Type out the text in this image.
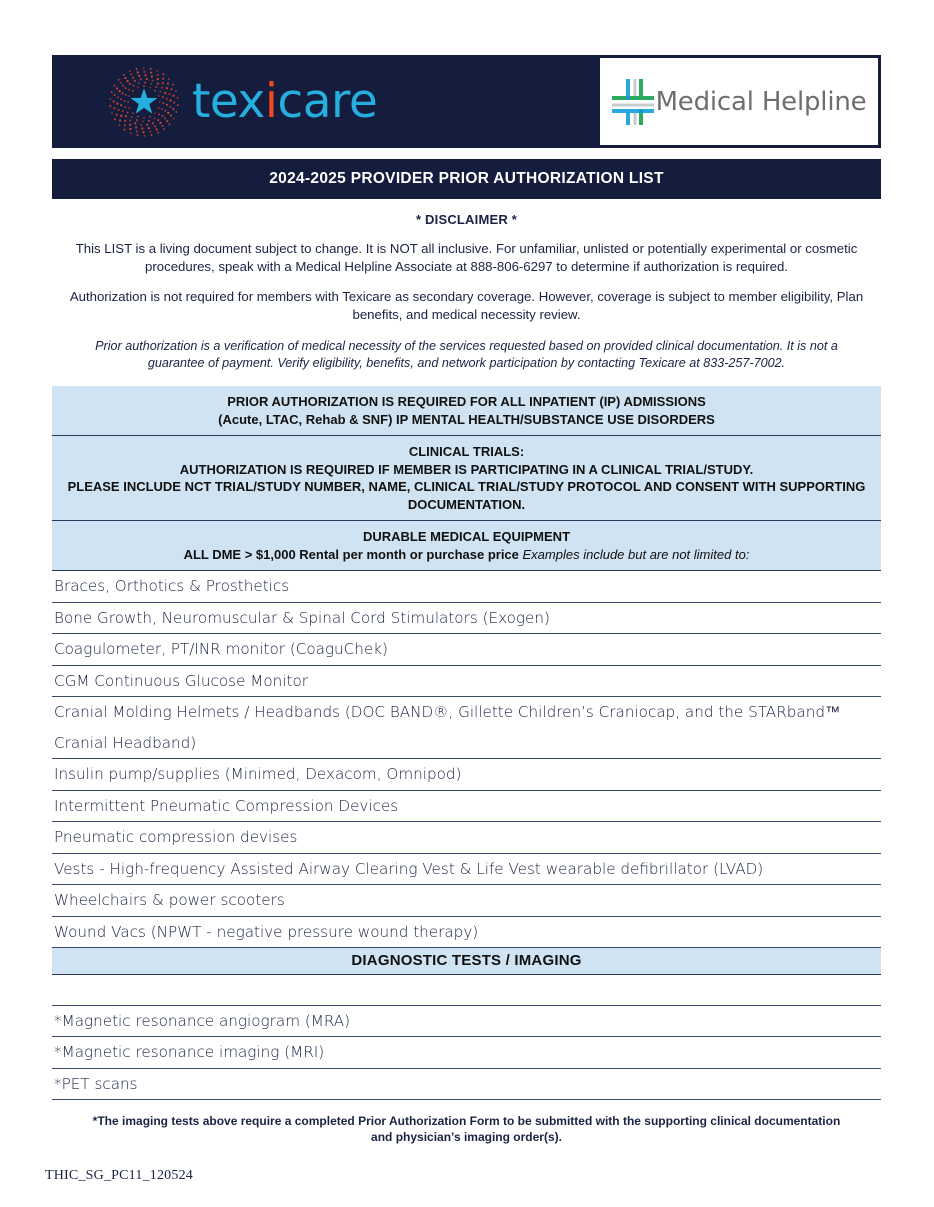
texicare	Medical Helpline
2024-2025 PROVIDER PRIOR AUTHORIZATION LIST
* DISCLAIMER *
This LIST is a living document subject to change. It is NOT all inclusive. For unfamiliar, unlisted or potentially experimental or cosmetic procedures, speak with a Medical Helpline Associate at 888-806-6297 to determine if authorization is required.
Authorization is not required for members with Texicare as secondary coverage. However, coverage is subject to member eligibility, Plan benefits, and medical necessity review.
Prior authorization is a verification of medical necessity of the services requested based on provided clinical documentation. It is not a guarantee of payment. Verify eligibility, benefits, and network participation by contacting Texicare at 833-257-7002.
PRIOR AUTHORIZATION IS REQUIRED FOR ALL INPATIENT (IP) ADMISSIONS
(Acute, LTAC, Rehab & SNF) IP MENTAL HEALTH/SUBSTANCE USE DISORDERS
CLINICAL TRIALS:
AUTHORIZATION IS REQUIRED IF MEMBER IS PARTICIPATING IN A CLINICAL TRIAL/STUDY.
PLEASE INCLUDE NCT TRIAL/STUDY NUMBER, NAME, CLINICAL TRIAL/STUDY PROTOCOL AND CONSENT WITH SUPPORTING DOCUMENTATION.
DURABLE MEDICAL EQUIPMENT
ALL DME > $1,000 Rental per month or purchase price Examples include but are not limited to:
Braces, Orthotics & Prosthetics
Bone Growth, Neuromuscular & Spinal Cord Stimulators (Exogen)
Coagulometer, PT/INR monitor (CoaguChek)
CGM Continuous Glucose Monitor
Cranial Molding Helmets / Headbands (DOC BAND®, Gillette Children’s Craniocap, and the STARband™ Cranial Headband)
Insulin pump/supplies (Minimed, Dexacom, Omnipod)
Intermittent Pneumatic Compression Devices
Pneumatic compression devises
Vests - High-frequency Assisted Airway Clearing Vest & Life Vest wearable defibrillator (LVAD)
Wheelchairs & power scooters
Wound Vacs (NPWT - negative pressure wound therapy)
DIAGNOSTIC TESTS / IMAGING
*Magnetic resonance angiogram (MRA)
*Magnetic resonance imaging (MRI)
*PET scans
*The imaging tests above require a completed Prior Authorization Form to be submitted with the supporting clinical documentation and physician’s imaging order(s).
THIC_SG_PC11_120524
